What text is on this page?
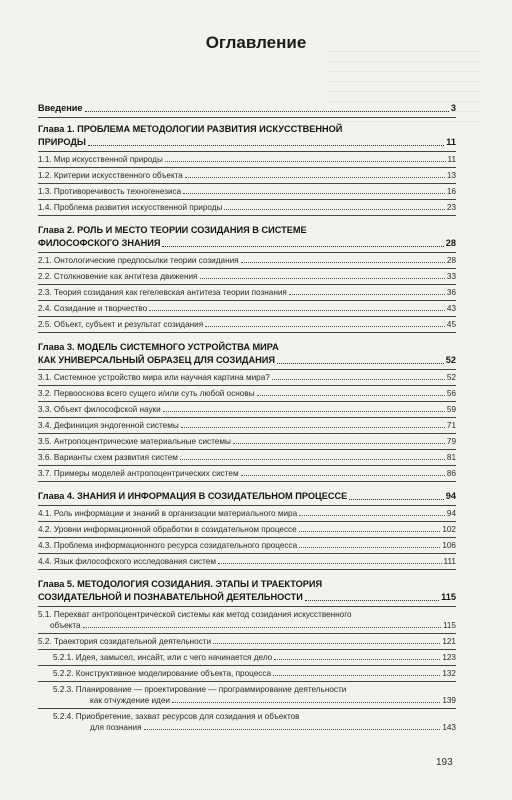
Оглавление
Введение	3
Глава 1. ПРОБЛЕМА МЕТОДОЛОГИИ РАЗВИТИЯ ИСКУССТВЕННОЙ
ПРИРОДЫ	11
1.1. Мир искусственной природы	11
1.2. Критерии искусственного объекта	13
1.3. Противоречивость техногенезиса	16
1.4. Проблема развития искусственной природы	23
Глава 2. РОЛЬ И МЕСТО ТЕОРИИ СОЗИДАНИЯ В СИСТЕМЕ
ФИЛОСОФСКОГО ЗНАНИЯ	28
2.1. Онтологические предпосылки теории созидания	28
2.2. Столкновение как антитеза движения	33
2.3. Теория созидания как гегелевская антитеза теории познания	36
2.4. Созидание и творчество	43
2.5. Объект, субъект и результат созидания	45
Глава 3. МОДЕЛЬ СИСТЕМНОГО УСТРОЙСТВА МИРА
КАК УНИВЕРСАЛЬНЫЙ ОБРАЗЕЦ ДЛЯ СОЗИДАНИЯ	52
3.1. Системное устройство мира или научная картина мира?	52
3.2. Первооснова всего сущего и/или суть любой основы	56
3.3. Объект философской науки	59
3.4. Дефиниция эндогенной системы	71
3.5. Антропоцентрические материальные системы	79
3.6. Варианты схем развития систем	81
3.7. Примеры моделей антропоцентрических систем	86
Глава 4. ЗНАНИЯ И ИНФОРМАЦИЯ В СОЗИДАТЕЛЬНОМ ПРОЦЕССЕ	94
4.1. Роль информации и знаний в организации материального мира	94
4.2. Уровни информационной обработки в созидательном процессе	102
4.3. Проблема информационного ресурса созидательного процесса	106
4.4. Язык философского исследования систем	111
Глава 5. МЕТОДОЛОГИЯ СОЗИДАНИЯ. ЭТАПЫ И ТРАЕКТОРИЯ
СОЗИДАТЕЛЬНОЙ И ПОЗНАВАТЕЛЬНОЙ ДЕЯТЕЛЬНОСТИ	115
5.1. Перехват антропоцентрической системы как метод созидания искусственного
объекта	115
5.2. Траектория созидательной деятельности	121
5.2.1. Идея, замысел, инсайт, или с чего начинается дело	123
5.2.2. Конструктивное моделирование объекта, процесса	132
5.2.3. Планирование — проектирование — программирование деятельности
как отчуждение идеи	139
5.2.4. Приобретение, захват ресурсов для созидания и объектов
для познания	143
193
